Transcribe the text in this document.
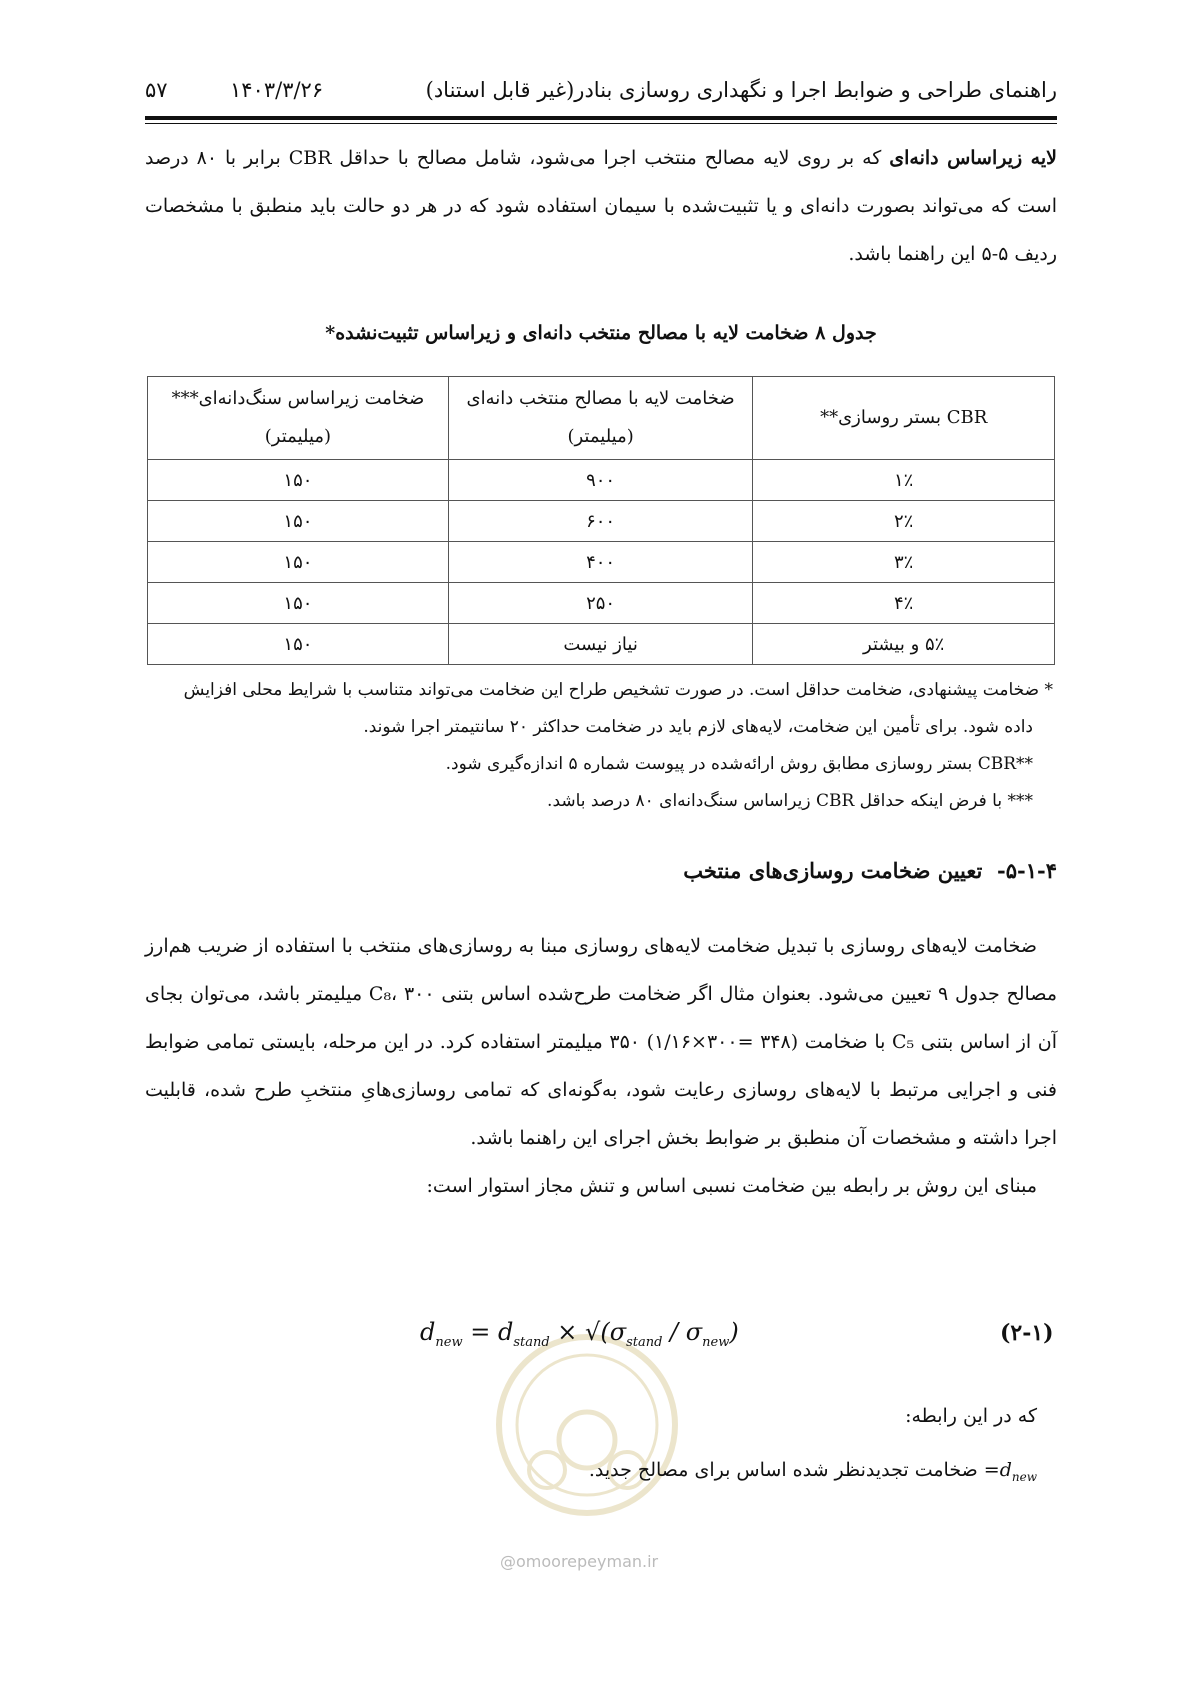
راهنمای طراحی و ضوابط اجرا و نگهداری روسازی بنادر(غیر قابل استناد)
۱۴۰۳/۳/۲۶
۵۷
لایه زیراساس دانه‌ای که بر روی لایه مصالح منتخب اجرا می‌شود، شامل مصالح با حداقل CBR برابر با ۸۰ درصد است که می‌تواند بصورت دانه‌ای و یا تثبیت‌شده با سیمان استفاده شود که در هر دو حالت باید منطبق با مشخصات ردیف ۵-۵ این راهنما باشد.
جدول ۸ ضخامت لایه با مصالح منتخب دانه‌ای و زیراساس تثبیت‌نشده*
CBR بستر روسازی**	ضخامت لایه با مصالح منتخب دانه‌ای (میلیمتر)	ضخامت زیراساس سنگ‌دانه‌ای*** (میلیمتر)
۱٪	۹۰۰	۱۵۰
۲٪	۶۰۰	۱۵۰
۳٪	۴۰۰	۱۵۰
۴٪	۲۵۰	۱۵۰
۵٪ و بیشتر	نیاز نیست	۱۵۰
* ضخامت پیشنهادی، ضخامت حداقل است. در صورت تشخیص طراح این ضخامت می‌تواند متناسب با شرایط محلی افزایش
داده شود. برای تأمین این ضخامت، لایه‌های لازم باید در ضخامت حداکثر ۲۰ سانتیمتر اجرا شوند.
**CBR بستر روسازی مطابق روش ارائه‌شده در پیوست شماره ۵ اندازه‌گیری شود.
*** با فرض اینکه حداقل CBR زیراساس سنگ‌دانه‌ای ۸۰ درصد باشد.
۵-۱-۴-  تعیین ضخامت روسازی‌های منتخب
ضخامت لایه‌های روسازی با تبدیل ضخامت لایه‌های روسازی مبنا به روسازی‌های منتخب با استفاده از ضریب هم‌ارز مصالح جدول ۹ تعیین می‌شود. بعنوان مثال اگر ضخامت طرح‌شده اساس بتنی C₈، ۳۰۰ میلیمتر باشد، می‌توان بجای آن از اساس بتنی C₅ با ضخامت (۳۴۸ =۳۰۰×۱/۱۶) ۳۵۰ میلیمتر استفاده کرد. در این مرحله، بایستی تمامی ضوابط فنی و اجرایی مرتبط با لایه‌های روسازی رعایت شود، به‌گونه‌ای که تمامی روسازی‌هایِ منتخبِ طرح شده، قابلیت اجرا داشته و مشخصات آن منطبق بر ضوابط بخش اجرای این راهنما باشد.
مبنای این روش بر رابطه بین ضخامت نسبی اساس و تنش مجاز استوار است:
$d_{new} = d_{stand} \times √(\sigma_{stand} / \sigma_{new})$	(۲-۱)
که در این رابطه:
$d_{new}=$ ضخامت تجدیدنظر شده اساس برای مصالح جدید.
@omoorepeyman.ir
